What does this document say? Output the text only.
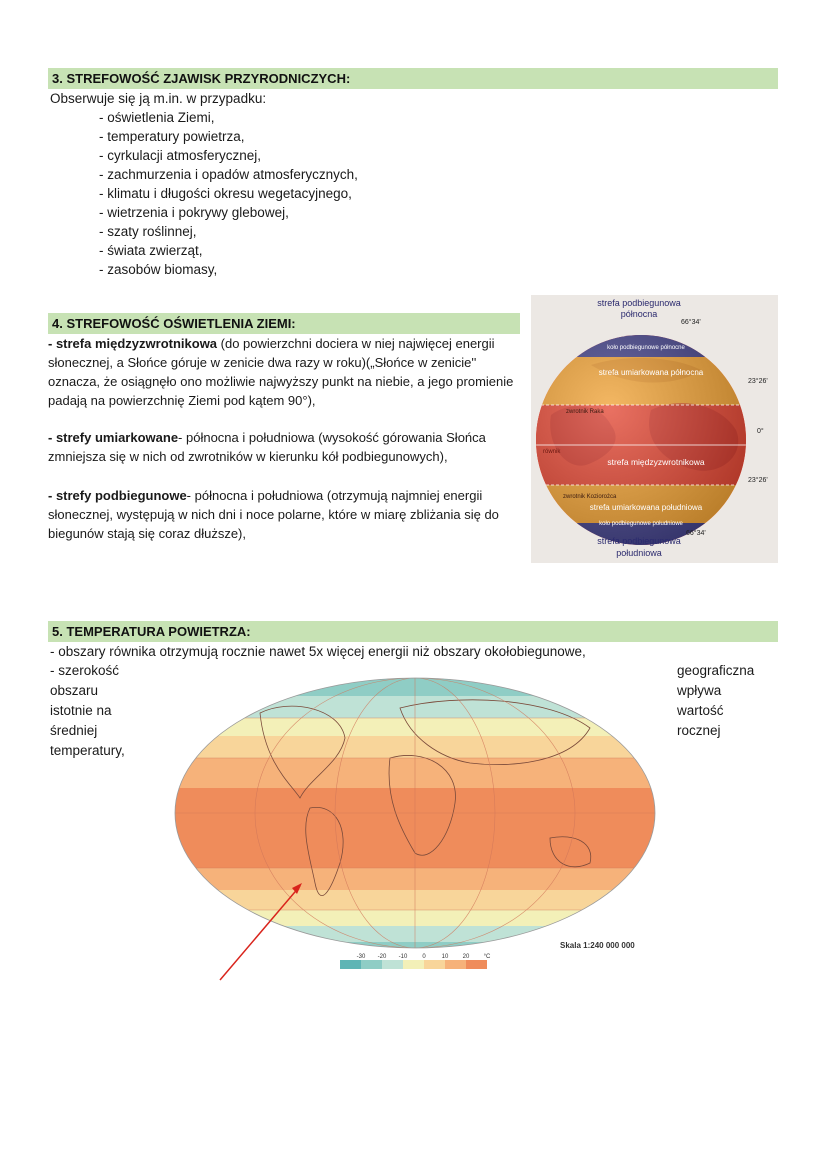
3. STREFOWOŚĆ ZJAWISK PRZYRODNICZYCH:
Obserwuje się ją m.in. w przypadku:
- oświetlenia Ziemi,
- temperatury powietrza,
- cyrkulacji atmosferycznej,
- zachmurzenia i opadów atmosferycznych,
- klimatu i długości okresu wegetacyjnego,
- wietrzenia i pokrywy glebowej,
- szaty roślinnej,
- świata zwierząt,
- zasobów biomasy,
4. STREFOWOŚĆ OŚWIETLENIA ZIEMI:
- strefa międzyzwrotnikowa (do powierzchni dociera w niej najwięcej energii słonecznej, a Słońce góruje w zenicie dwa razy w roku)(„Słońce w zenicie'' oznacza, że osiągnęło ono możliwie najwyższy punkt na niebie, a jego promienie padają na powierzchnię Ziemi pod kątem 90°),
- strefy umiarkowane- północna i południowa (wysokość górowania Słońca zmniejsza się w nich od zwrotników w kierunku kół podbiegunowych),
- strefy podbiegunowe- północna i południowa (otrzymują najmniej energii słonecznej, występują w nich dni i noce polarne, które w miarę zbliżania się do biegunów stają się coraz dłuższe),
strefa podbiegunowa
północna
66°34'
23°26'
0°
23°26'
66°34'
koło podbiegunowe północne
strefa umiarkowana północna
zwrotnik Raka
równik
strefa międzyzwrotnikowa
zwrotnik Koziorożca
strefa umiarkowana południowa
koło podbiegunowe południowe
strefa podbiegunowa
południowa
5. TEMPERATURA POWIETRZA:
- obszary równika otrzymują rocznie nawet 5x więcej energii niż obszary okołobiegunowe,
- szerokość
obszaru
istotnie na
średniej
temperatury,
geograficzna
wpływa
wartość
rocznej
Skala 1:240 000 000
-30 -20 -10 0	10 20 °C
